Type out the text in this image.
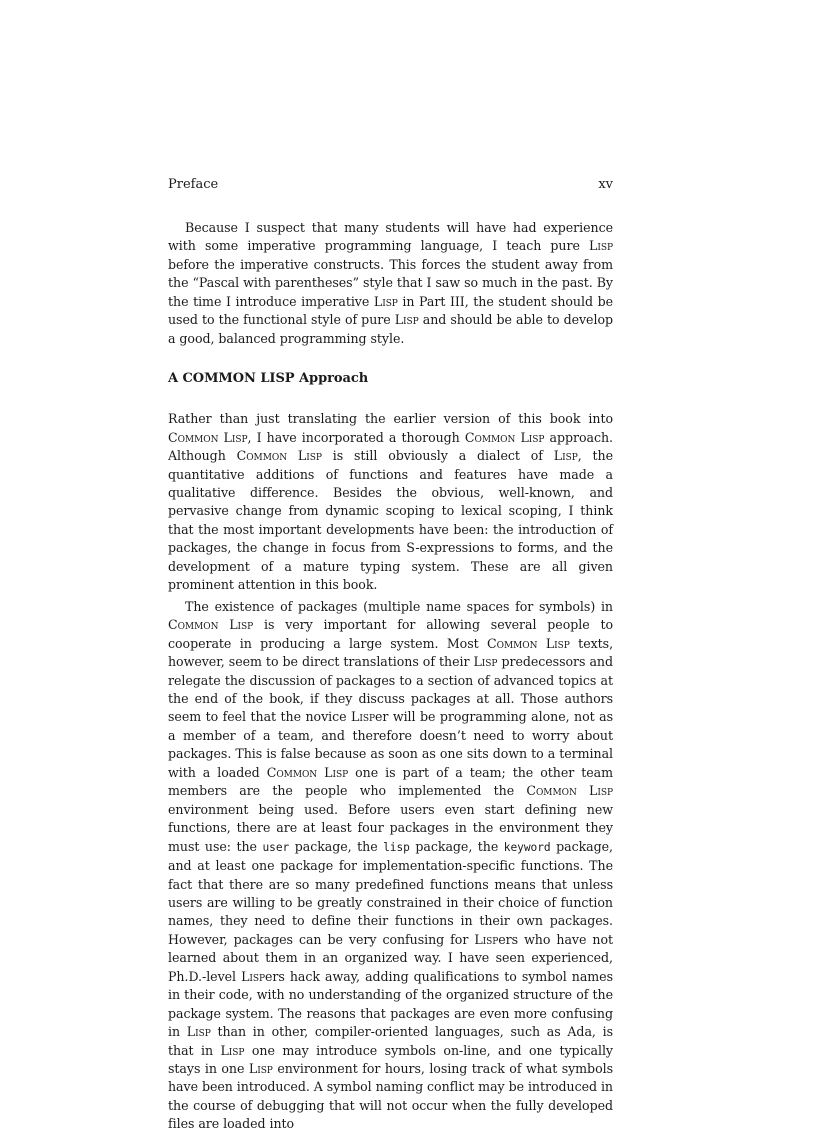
Preface	xv

Because I suspect that many students will have had experience with some imperative programming language, I teach pure Lisp before the imperative constructs. This forces the student away from the “Pascal with parentheses” style that I saw so much in the past. By the time I introduce imperative Lisp in Part III, the student should be used to the functional style of pure Lisp and should be able to develop a good, balanced programming style.

A COMMON LISP Approach

Rather than just translating the earlier version of this book into Common Lisp, I have incorporated a thorough Common Lisp approach. Although Common Lisp is still obviously a dialect of Lisp, the quantitative additions of functions and features have made a qualitative difference. Besides the obvious, well-known, and pervasive change from dynamic scoping to lexical scoping, I think that the most important developments have been: the introduction of packages, the change in focus from S-expressions to forms, and the development of a mature typing system. These are all given prominent attention in this book.

The existence of packages (multiple name spaces for symbols) in Common Lisp is very important for allowing several people to cooperate in producing a large system. Most Common Lisp texts, however, seem to be direct translations of their Lisp predecessors and relegate the discussion of packages to a section of advanced topics at the end of the book, if they discuss packages at all. Those authors seem to feel that the novice Lisper will be programming alone, not as a member of a team, and therefore doesn’t need to worry about packages. This is false because as soon as one sits down to a terminal with a loaded Common Lisp one is part of a team; the other team members are the people who implemented the Common Lisp environment being used. Before users even start defining new functions, there are at least four packages in the environment they must use: the user package, the lisp package, the keyword package, and at least one package for implementation-specific functions. The fact that there are so many predefined functions means that unless users are willing to be greatly constrained in their choice of function names, they need to define their functions in their own packages. However, packages can be very confusing for Lispers who have not learned about them in an organized way. I have seen experienced, Ph.D.-level Lispers hack away, adding qualifications to symbol names in their code, with no understanding of the organized structure of the package system. The reasons that packages are even more confusing in Lisp than in other, compiler-oriented languages, such as Ada, is that in Lisp one may introduce symbols on-line, and one typically stays in one Lisp environment for hours, losing track of what symbols have been introduced. A symbol naming conflict may be introduced in the course of debugging that will not occur when the fully developed files are loaded into
